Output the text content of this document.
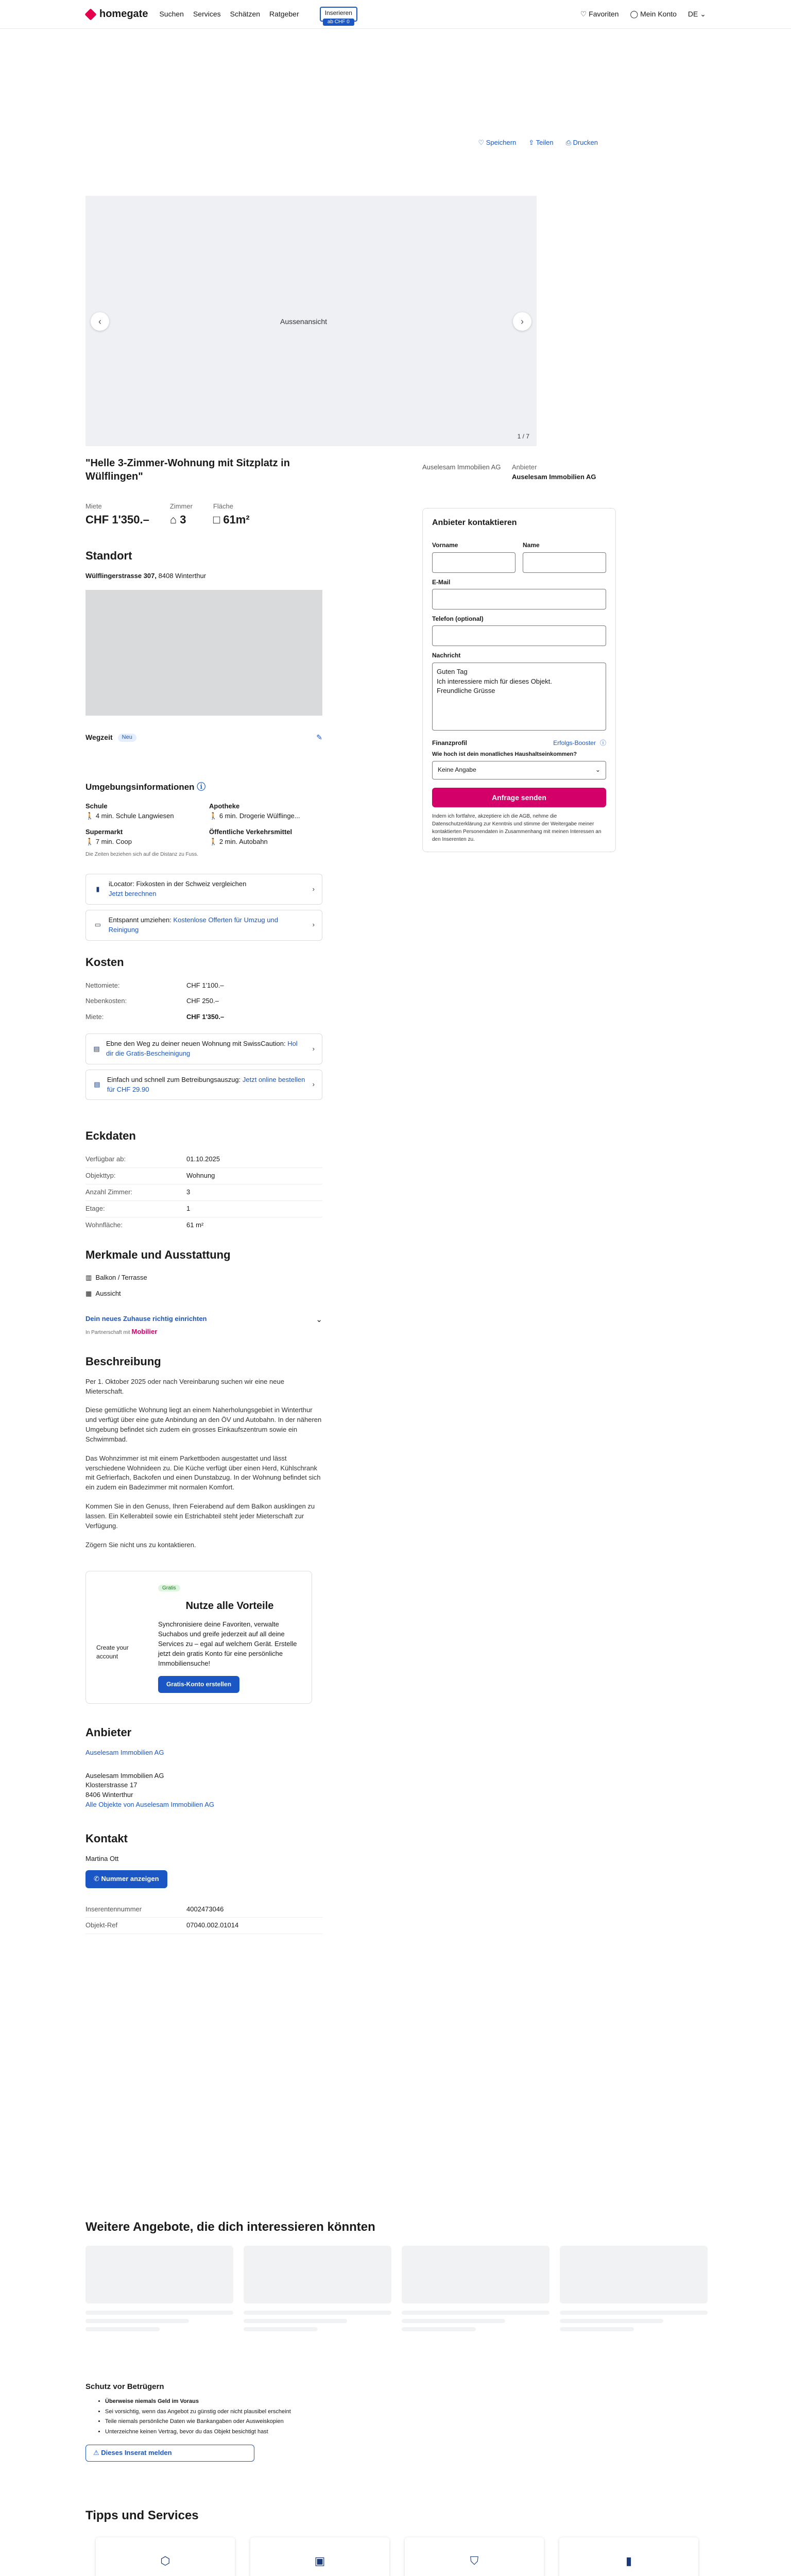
homegate Suchen Services Schätzen Ratgeber	Inserieren
ab CHF 0
♡ Favoriten ◯ Mein Konto DE ⌄
♡ Speichern ⇪ Teilen ⎙ Drucken
Aussenansicht
‹	›
1 / 7
"Helle 3-Zimmer-Wohnung mit Sitzplatz in Wülflingen"
Miete
CHF 1'350.–
Zimmer
⌂ 3
Fläche
□ 61m²
Standort
Wülflingerstrasse 307, 8408 Winterthur
Wegzeit	Neu	✎
Umgebungsinformationen ⓘ
Schule
🚶 4 min. Schule Langwiesen
Apotheke
🚶 6 min. Drogerie Wülflinge...
Supermarkt
🚶 7 min. Coop
Öffentliche Verkehrsmittel
🚶 2 min. Autobahn
Die Zeiten beziehen sich auf die Distanz zu Fuss.
▮
iLocator: Fixkosten in der Schweiz vergleichen
Jetzt berechnen
›
▭
Entspannt umziehen: Kostenlose Offerten für Umzug und Reinigung
›
Kosten
Nettomiete:	CHF 1'100.–
Nebenkosten:	CHF 250.–
Miete:	CHF 1'350.–
▤
Ebne den Weg zu deiner neuen Wohnung mit SwissCaution: Hol dir die Gratis-Bescheinigung
›
▤
Einfach und schnell zum Betreibungsauszug: Jetzt online bestellen für CHF 29.90
›
Eckdaten
Verfügbar ab:	01.10.2025
Objekttyp:	Wohnung
Anzahl Zimmer:	3
Etage:	1
Wohnfläche:	61 m²
Merkmale und Ausstattung
▥ Balkon / Terrasse
▦ Aussicht
Dein neues Zuhause richtig einrichten
In Partnerschaft mit Mobilier
⌄
Beschreibung

Per 1. Oktober 2025 oder nach Vereinbarung suchen wir eine neue Mieterschaft.

Diese gemütliche Wohnung liegt an einem Naherholungsgebiet in Winterthur und verfügt über eine gute Anbindung an den ÖV und Autobahn. In der näheren Umgebung befindet sich zudem ein grosses Einkaufszentrum sowie ein Schwimmbad.

Das Wohnzimmer ist mit einem Parkettboden ausgestattet und lässt verschiedene Wohnideen zu. Die Küche verfügt über einen Herd, Kühlschrank mit Gefrierfach, Backofen und einen Dunstabzug. In der Wohnung befindet sich ein zudem ein Badezimmer mit normalen Komfort.

Kommen Sie in den Genuss, Ihren Feierabend auf dem Balkon ausklingen zu lassen. Ein Kellerabteil sowie ein Estrichabteil steht jeder Mieterschaft zur Verfügung.

Zögern Sie nicht uns zu kontaktieren.

Create your account
Gratis
Nutze alle Vorteile
Synchronisiere deine Favoriten, verwalte Suchabos und greife jederzeit auf all deine Services zu – egal auf welchem Gerät. Erstelle jetzt dein gratis Konto für eine persönliche Immobiliensuche!
Gratis-Konto erstellen
Anbieter
Auselesam Immobilien AG
Auselesam Immobilien AG
Klosterstrasse 17
8406 Winterthur
Alle Objekte von Auselesam Immobilien AG
Kontakt
Martina Ott
✆ Nummer anzeigen
Inserentennummer	4002473046
Objekt-Ref	07040.002.01014
Auselesam Immobilien AG	Anbieter
Auselesam Immobilien AG
Anbieter kontaktieren
Vorname	Name
E-Mail
Telefon (optional)
Nachricht
Guten Tag
Ich interessiere mich für dieses Objekt.
Freundliche Grüsse
Finanzprofil	Erfolgs-Booster ⓘ
Wie hoch ist dein monatliches Haushaltseinkommen?
Keine Angabe	⌄
Anfrage senden
Indem ich fortfahre, akzeptiere ich die AGB, nehme die Datenschutzerklärung zur Kenntnis und stimme der Weitergabe meiner kontaktierten Personendaten in Zusammenhang mit meinen Interessen an den Inserenten zu.
Weitere Angebote, die dich interessieren könnten
Schutz vor Betrügern
• Überweise niemals Geld im Voraus
• Sei vorsichtig, wenn das Angebot zu günstig oder nicht plausibel erscheint
• Teile niemals persönliche Daten wie Bankangaben oder Ausweiskopien
• Unterzeichne keinen Vertrag, bevor du das Objekt besichtigt hast
⚠ Dieses Inserat melden
Tipps und Services
⬡	▣	⛉	▮
